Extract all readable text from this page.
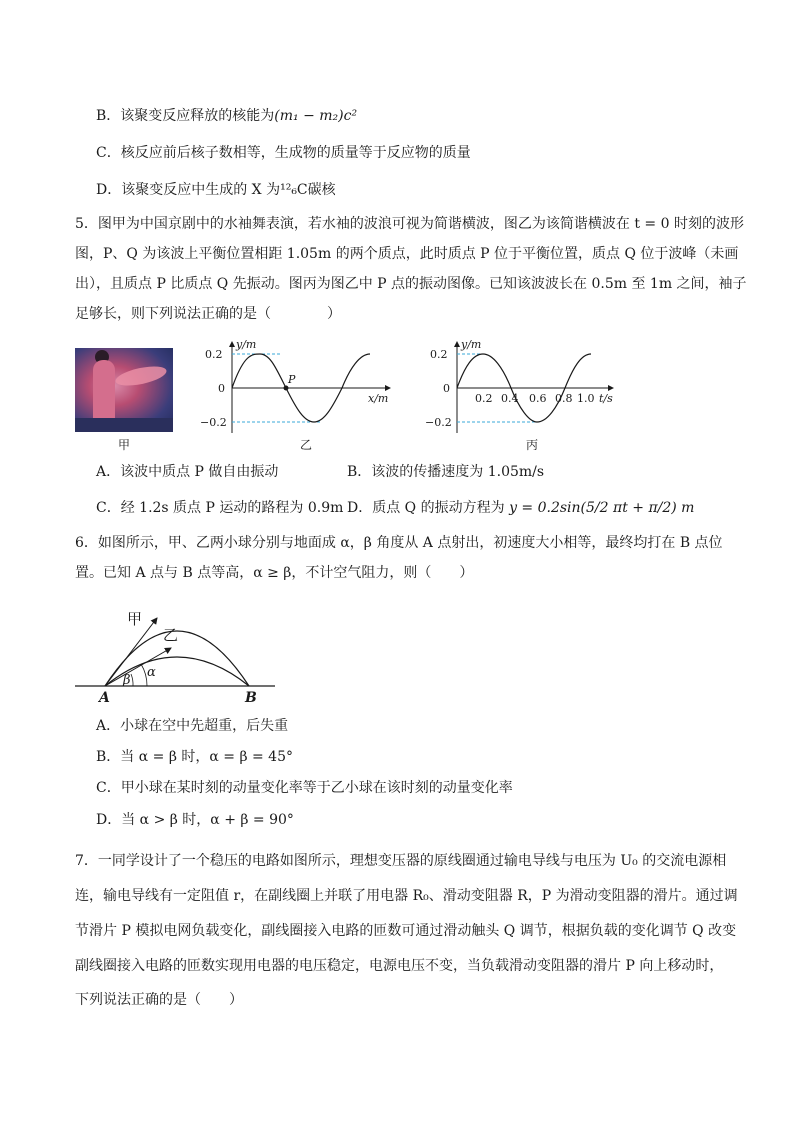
B．该聚变反应释放的核能为(m₁ − m₂)c²
C．核反应前后核子数相等，生成物的质量等于反应物的质量
D．该聚变反应中生成的 X 为¹²₆C碳核
5．图甲为中国京剧中的水袖舞表演，若水袖的波浪可视为简谐横波，图乙为该简谐横波在 t = 0 时刻的波形
图，P、Q 为该波上平衡位置相距 1.05m 的两个质点，此时质点 P 位于平衡位置，质点 Q 位于波峰（未画
出），且质点 P 比质点 Q 先振动。图丙为图乙中 P 点的振动图像。已知该波波长在 0.5m 至 1m 之间，袖子
足够长，则下列说法正确的是（　　　　）
甲
y/m
0.2
0
−0.2
P
x/m
乙
y/m
0.2
0
−0.2
0.2 0.4 0.6 0.8 1.0 t/s
丙
A．该波中质点 P 做自由振动	B．该波的传播速度为 1.05m/s
C．经 1.2s 质点 P 运动的路程为 0.9m D．质点 Q 的振动方程为 y = 0.2sin(5/2 πt + π/2) m
6．如图所示，甲、乙两小球分别与地面成 α，β 角度从 A 点射出，初速度大小相等，最终均打在 B 点位
置。已知 A 点与 B 点等高，α ≥ β，不计空气阻力，则（　　）
甲
乙
α
β
A	B
A．小球在空中先超重，后失重
B．当 α = β 时，α = β = 45°
C．甲小球在某时刻的动量变化率等于乙小球在该时刻的动量变化率
D．当 α > β 时，α + β = 90°
7．一同学设计了一个稳压的电路如图所示，理想变压器的原线圈通过输电导线与电压为 U₀ 的交流电源相
连，输电导线有一定阻值 r，在副线圈上并联了用电器 R₀、滑动变阻器 R，P 为滑动变阻器的滑片。通过调
节滑片 P 模拟电网负载变化，副线圈接入电路的匝数可通过滑动触头 Q 调节，根据负载的变化调节 Q 改变
副线圈接入电路的匝数实现用电器的电压稳定，电源电压不变，当负载滑动变阻器的滑片 P 向上移动时，
下列说法正确的是（　　）
